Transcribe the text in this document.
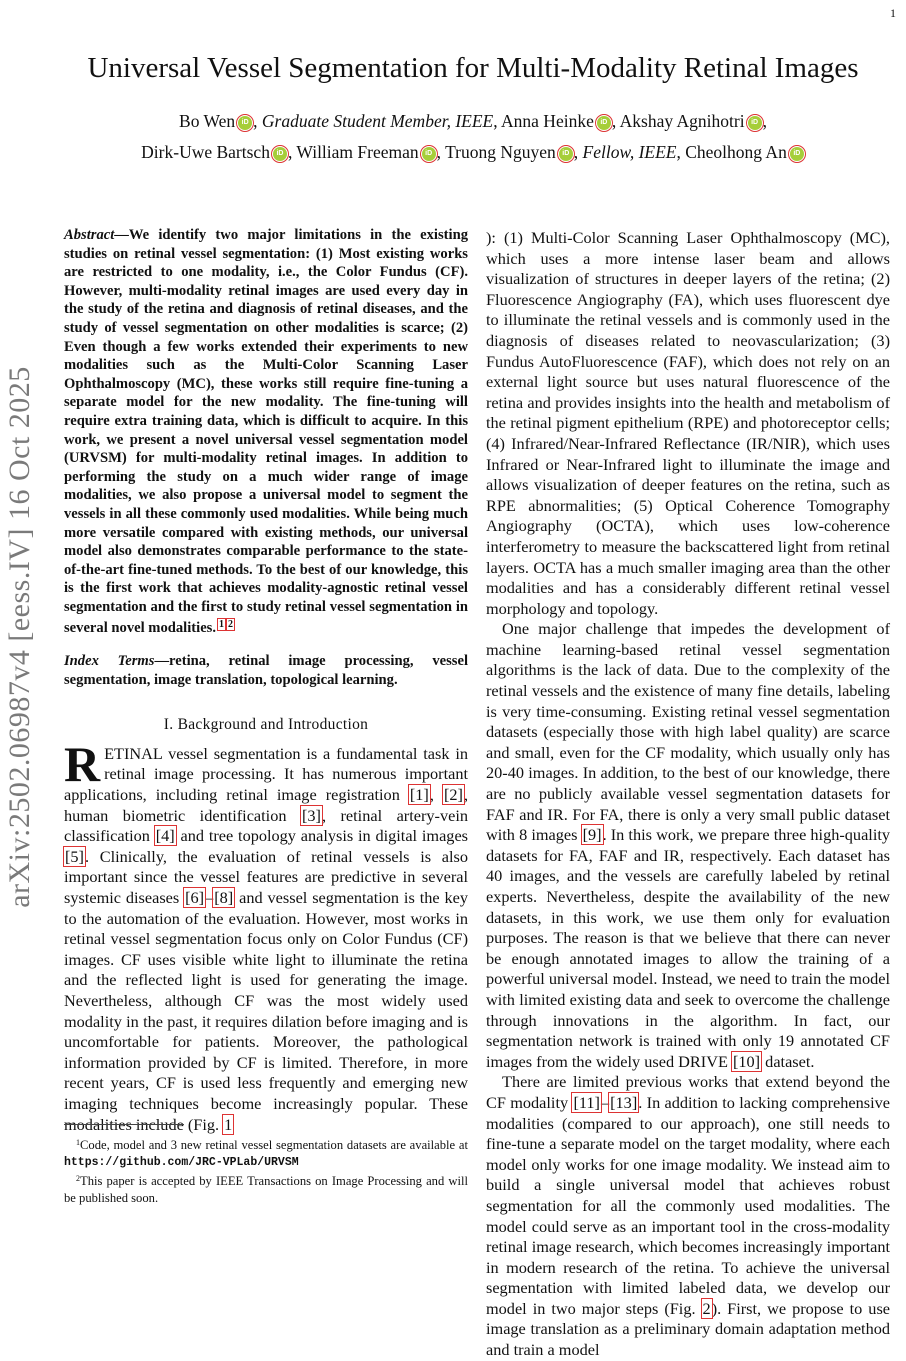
1
arXiv:2502.06987v4 [eess.IV] 16 Oct 2025
Universal Vessel Segmentation for Multi-Modality Retinal Images
Bo Wen iD , Graduate Student Member, IEEE, Anna Heinke iD , Akshay Agnihotri iD ,
Dirk-Uwe Bartsch iD , William Freeman iD , Truong Nguyen iD , Fellow, IEEE, Cheolhong An iD
Abstract—We identify two major limitations in the existing studies on retinal vessel segmentation: (1) Most existing works are restricted to one modality, i.e., the Color Fundus (CF). However, multi-modality retinal images are used every day in the study of the retina and diagnosis of retinal diseases, and the study of vessel segmentation on other modalities is scarce; (2) Even though a few works extended their experiments to new modalities such as the Multi-Color Scanning Laser Ophthalmoscopy (MC), these works still require fine-tuning a separate model for the new modality. The fine-tuning will require extra training data, which is difficult to acquire. In this work, we present a novel universal vessel segmentation model (URVSM) for multi-modality retinal images. In addition to performing the study on a much wider range of image modalities, we also propose a universal model to segment the vessels in all these commonly used modalities. While being much more versatile compared with existing methods, our universal model also demonstrates comparable performance to the state-of-the-art fine-tuned methods. To the best of our knowledge, this is the first work that achieves modality-agnostic retinal vessel segmentation and the first to study retinal vessel segmentation in several novel modalities. $^1$ $^2$
Index Terms—retina, retinal image processing, vessel segmentation, image translation, topological learning.
I. Background and Introduction

RETINAL vessel segmentation is a fundamental task in retinal image processing. It has numerous important applications, including retinal image registration [1], [2], human biometric identification [3], retinal artery-vein classification [4] and tree topology analysis in digital images [5]. Clinically, the evaluation of retinal vessels is also important since the vessel features are predictive in several systemic diseases [6]–[8] and vessel segmentation is the key to the automation of the evaluation. However, most works in retinal vessel segmentation focus only on Color Fundus (CF) images. CF uses visible white light to illuminate the retina and the reflected light is used for generating the image. Nevertheless, although CF was the most widely used modality in the past, it requires dilation before imaging and is uncomfortable for patients. Moreover, the pathological information provided by CF is limited. Therefore, in more recent years, CF is used less frequently and emerging new imaging techniques become increasingly popular. These modalities include (Fig. 1

): (1) Multi-Color Scanning Laser Ophthalmoscopy (MC), which uses a more intense laser beam and allows visualization of structures in deeper layers of the retina; (2) Fluorescence Angiography (FA), which uses fluorescent dye to illuminate the retinal vessels and is commonly used in the diagnosis of diseases related to neovascularization; (3) Fundus AutoFluorescence (FAF), which does not rely on an external light source but uses natural fluorescence of the retina and provides insights into the health and metabolism of the retinal pigment epithelium (RPE) and photoreceptor cells; (4) Infrared/Near-Infrared Reflectance (IR/NIR), which uses Infrared or Near-Infrared light to illuminate the image and allows visualization of deeper features on the retina, such as RPE abnormalities; (5) Optical Coherence Tomography Angiography (OCTA), which uses low-coherence interferometry to measure the backscattered light from retinal layers. OCTA has a much smaller imaging area than the other modalities and has a considerably different retinal vessel morphology and topology.

One major challenge that impedes the development of machine learning-based retinal vessel segmentation algorithms is the lack of data. Due to the complexity of the retinal vessels and the existence of many fine details, labeling is very time-consuming. Existing retinal vessel segmentation datasets (especially those with high label quality) are scarce and small, even for the CF modality, which usually only has 20-40 images. In addition, to the best of our knowledge, there are no publicly available vessel segmentation datasets for FAF and IR. For FA, there is only a very small public dataset with 8 images [9]. In this work, we prepare three high-quality datasets for FA, FAF and IR, respectively. Each dataset has 40 images, and the vessels are carefully labeled by retinal experts. Nevertheless, despite the availability of the new datasets, in this work, we use them only for evaluation purposes. The reason is that we believe that there can never be enough annotated images to allow the training of a powerful universal model. Instead, we need to train the model with limited existing data and seek to overcome the challenge through innovations in the algorithm. In fact, our segmentation network is trained with only 19 annotated CF images from the widely used DRIVE [10] dataset.

There are limited previous works that extend beyond the CF modality [11]–[13]. In addition to lacking comprehensive modalities (compared to our approach), one still needs to fine-tune a separate model on the target modality, where each model only works for one image modality. We instead aim to build a single universal model that achieves robust segmentation for all the commonly used modalities. The model could serve as an important tool in the cross-modality retinal image research, which becomes increasingly important in modern research of the retina. To achieve the universal segmentation with limited labeled data, we develop our model in two major steps (Fig. 2). First, we propose to use image translation as a preliminary domain adaptation method and train a model

$^1$Code, model and 3 new retinal vessel segmentation datasets are available at https://github.com/JRC-VPLab/URVSM
$^2$This paper is accepted by IEEE Transactions on Image Processing and will be published soon.
